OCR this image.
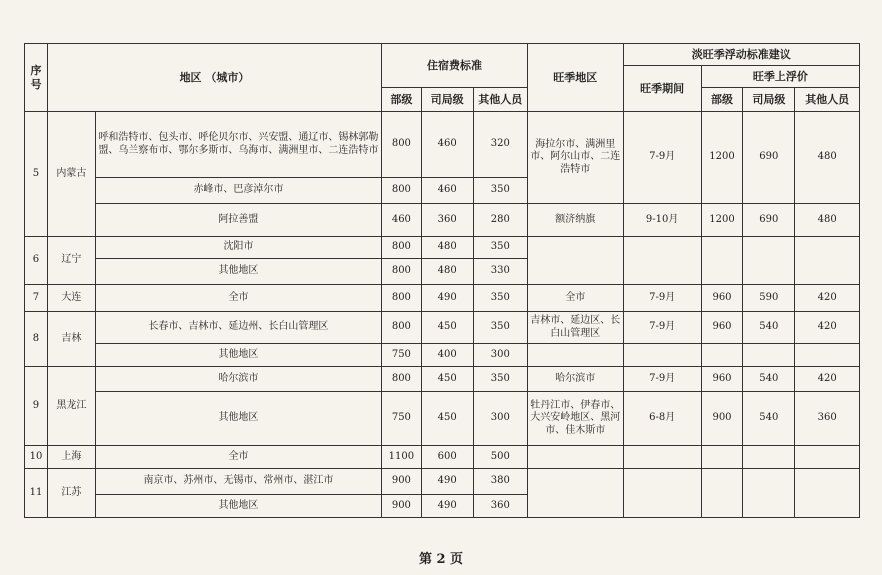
序号	地区 （城市）		住宿费标准			旺季地区	淡旺季浮动标准建议			
							旺季期间	旺季上浮价		
			部级	司局级	其他人员			部级	司局级	其他人员
5	内蒙古	呼和浩特市、包头市、呼伦贝尔市、兴安盟、通辽市、锡林郭勒盟、乌兰察布市、鄂尔多斯市、乌海市、满洲里市、二连浩特市	800	460	320	海拉尔市、满洲里市、阿尔山市、二连浩特市	7-9月	1200	690	480
		赤峰市、巴彦淖尔市	800	460	350					
		阿拉善盟	460	360	280	额济纳旗	9-10月	1200	690	480
6	辽宁	沈阳市	800	480	350					
		其他地区	800	480	330					
7	大连	全市	800	490	350	全市	7-9月	960	590	420
8	吉林	长春市、吉林市、延边州、长白山管理区	800	450	350	吉林市、延边区、长白山管理区	7-9月	960	540	420
		其他地区	750	400	300					
9	黑龙江	哈尔滨市	800	450	350	哈尔滨市	7-9月	960	540	420
		其他地区	750	450	300	牡丹江市、伊春市、大兴安岭地区、黑河市、佳木斯市	6-8月	900	540	360
10	上海	全市	1100	600	500					
11	江苏	南京市、苏州市、无锡市、常州市、湛江市	900	490	380					
		其他地区	900	490	360					
第 2 页
